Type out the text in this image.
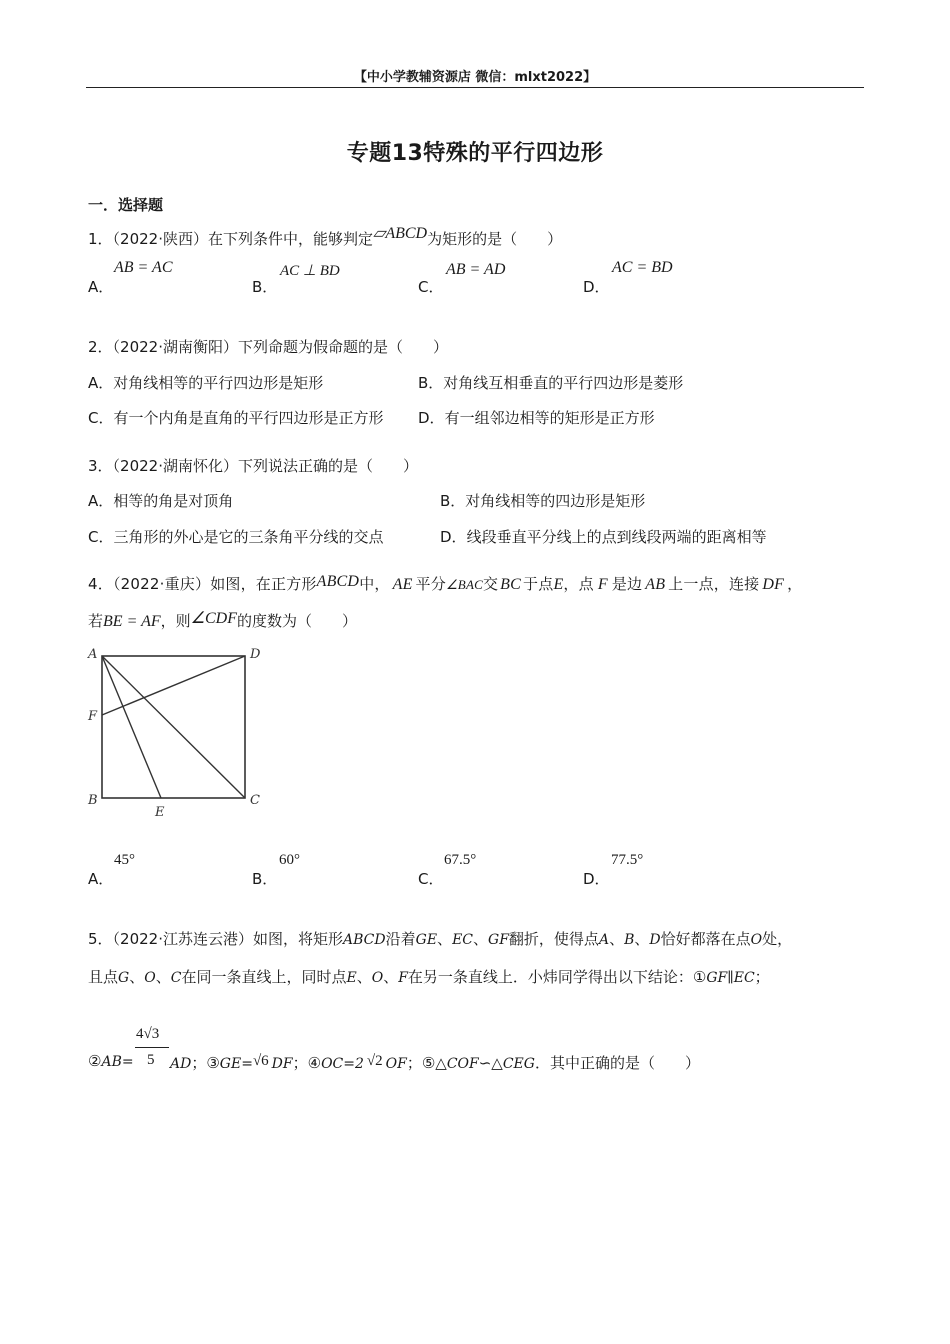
【中小学教辅资源店 微信：mlxt2022】
专题13特殊的平行四边形
一．选择题
1．（2022·陕西）在下列条件中，能够判定▱ABCD为矩形的是（　　）
A．
AB = AC
B．
AC ⊥ BD
C．
AB = AD
D．
AC = BD
2．（2022·湖南衡阳）下列命题为假命题的是（　　）
A．对角线相等的平行四边形是矩形	B．对角线互相垂直的平行四边形是菱形
C．有一个内角是直角的平行四边形是正方形 D．有一组邻边相等的矩形是正方形
3．（2022·湖南怀化）下列说法正确的是（　　）
A．相等的角是对顶角	B．对角线相等的四边形是矩形
C．三角形的外心是它的三条角平分线的交点	D．线段垂直平分线上的点到线段两端的距离相等
4．（2022·重庆）如图，在正方形ABCD中， AE 平分∠BAC交 BC 于点E，点 F 是边 AB 上一点，连接 DF ，
若BE = AF，则∠CDF的度数为（　　）
A	D
F
B
E
C
A．
45°
B．
60°
C．
67.5°
D．
77.5°
5．（2022·江苏连云港）如图，将矩形ABCD沿着GE、EC、GF翻折，使得点A、B、D恰好都落在点O处，
且点G、O、C在同一条直线上，同时点E、O、F在另一条直线上．小炜同学得出以下结论：①GF∥EC；
4√3
5
②AB=	AD；③GE=√6 DF；④OC=2 √2 OF；⑤△COF∽△CEG．其中正确的是（　　）
